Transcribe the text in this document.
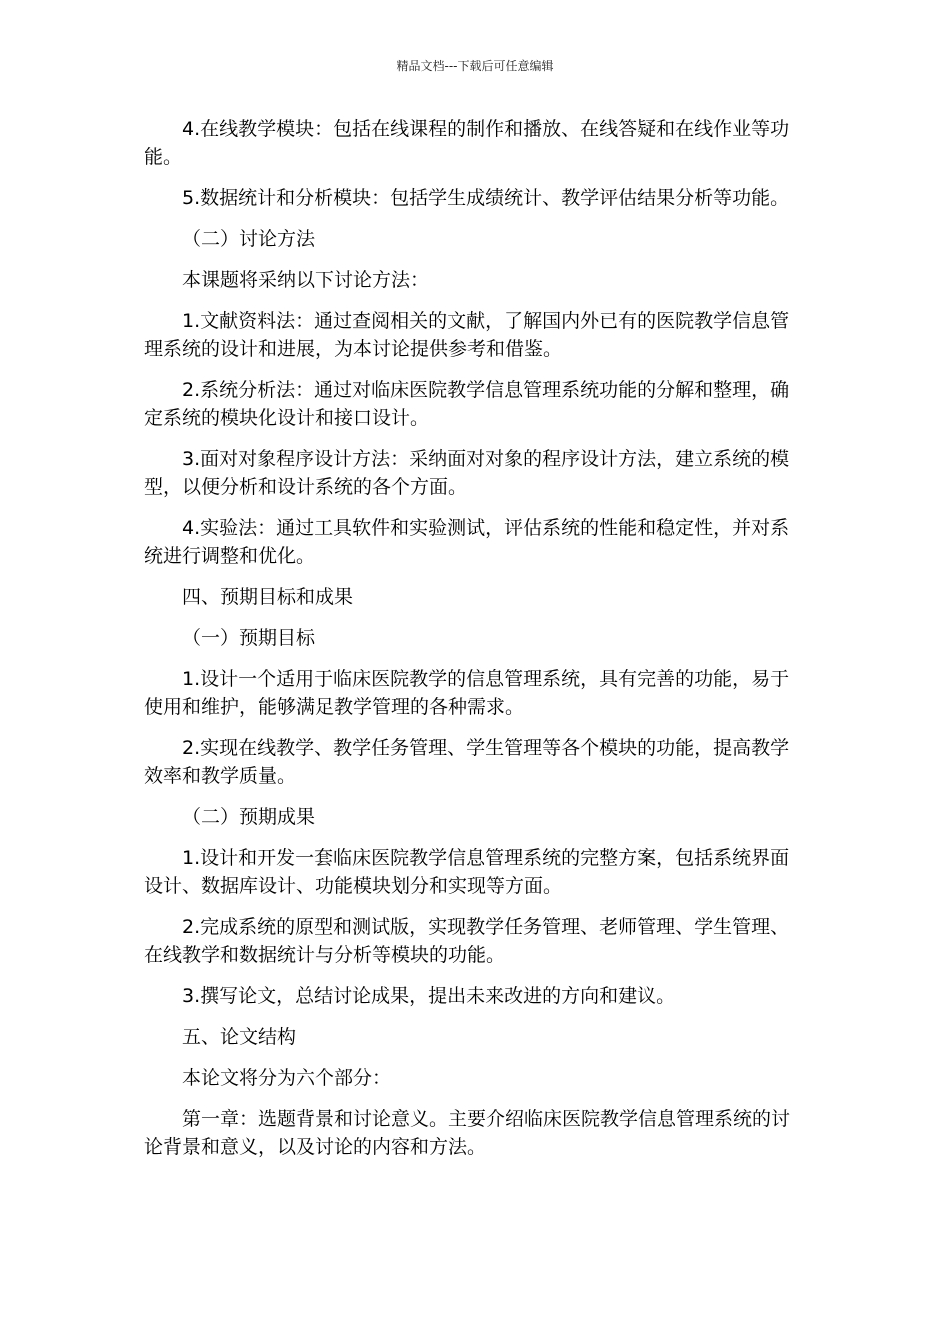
精品文档---下载后可任意编辑

4.在线教学模块：包括在线课程的制作和播放、在线答疑和在线作业等功能。

5.数据统计和分析模块：包括学生成绩统计、教学评估结果分析等功能。

（二）讨论方法

本课题将采纳以下讨论方法：

1.文献资料法：通过查阅相关的文献，了解国内外已有的医院教学信息管理系统的设计和进展，为本讨论提供参考和借鉴。

2.系统分析法：通过对临床医院教学信息管理系统功能的分解和整理，确定系统的模块化设计和接口设计。

3.面对对象程序设计方法：采纳面对对象的程序设计方法，建立系统的模型，以便分析和设计系统的各个方面。

4.实验法：通过工具软件和实验测试，评估系统的性能和稳定性，并对系统进行调整和优化。

四、预期目标和成果

（一）预期目标

1.设计一个适用于临床医院教学的信息管理系统，具有完善的功能，易于使用和维护，能够满足教学管理的各种需求。

2.实现在线教学、教学任务管理、学生管理等各个模块的功能，提高教学效率和教学质量。

（二）预期成果

1.设计和开发一套临床医院教学信息管理系统的完整方案，包括系统界面设计、数据库设计、功能模块划分和实现等方面。

2.完成系统的原型和测试版，实现教学任务管理、老师管理、学生管理、在线教学和数据统计与分析等模块的功能。

3.撰写论文，总结讨论成果，提出未来改进的方向和建议。

五、论文结构

本论文将分为六个部分：

第一章：选题背景和讨论意义。主要介绍临床医院教学信息管理系统的讨论背景和意义，以及讨论的内容和方法。
